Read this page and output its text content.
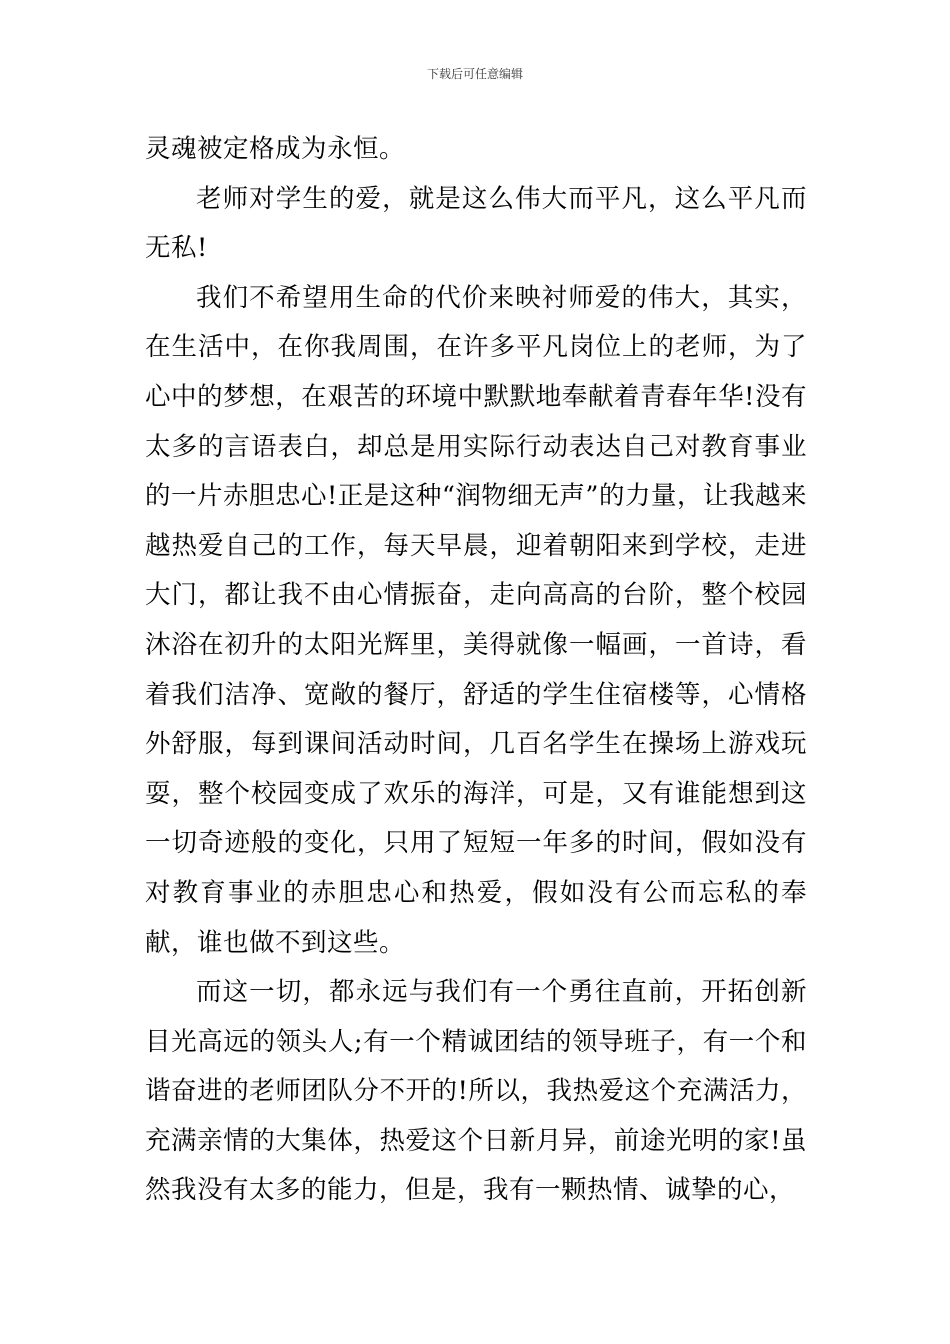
下载后可任意编辑

灵魂被定格成为永恒。

老师对学生的爱，就是这么伟大而平凡，这么平凡而无私!

我们不希望用生命的代价来映衬师爱的伟大，其实，在生活中，在你我周围，在许多平凡岗位上的老师，为了心中的梦想，在艰苦的环境中默默地奉献着青春年华!没有太多的言语表白，却总是用实际行动表达自己对教育事业的一片赤胆忠心!正是这种“润物细无声”的力量，让我越来越热爱自己的工作，每天早晨，迎着朝阳来到学校，走进大门，都让我不由心情振奋，走向高高的台阶，整个校园沐浴在初升的太阳光辉里，美得就像一幅画，一首诗，看着我们洁净、宽敞的餐厅，舒适的学生住宿楼等，心情格外舒服，每到课间活动时间，几百名学生在操场上游戏玩耍，整个校园变成了欢乐的海洋，可是，又有谁能想到这一切奇迹般的变化，只用了短短一年多的时间，假如没有对教育事业的赤胆忠心和热爱，假如没有公而忘私的奉献，谁也做不到这些。

而这一切，都永远与我们有一个勇往直前，开拓创新目光高远的领头人;有一个精诚团结的领导班子，有一个和谐奋进的老师团队分不开的!所以，我热爱这个充满活力，充满亲情的大集体，热爱这个日新月异，前途光明的家!虽然我没有太多的能力，但是，我有一颗热情、诚挚的心，
